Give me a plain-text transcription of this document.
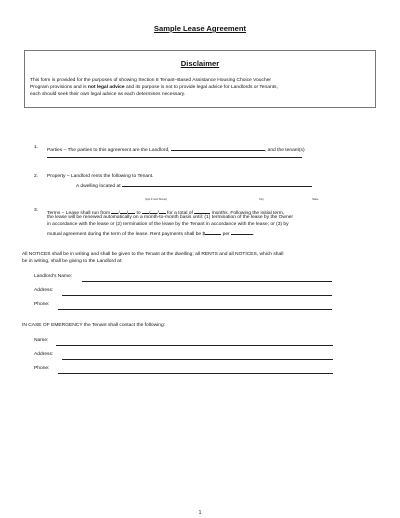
Sample Lease Agreement
Disclaimer
This form is provided for the purposes of showing Section 8 Tenant–Based Assistance Housing Choice Voucher
Program provisions and is not legal advice and its purpose is not to provide legal advice for Landlords or Tenants,
each should seek their own legal advice as each determines necessary.
1.
Parties – The parties to this agreement are the Landlord,	, and the tenant(s)
2. Property – Landlord rents the following to Tenant.
A dwelling located at
(Apt # and Street)	City	State
3.
Terms – Lease shall run from / / to / / for a total of	months. Following the initial term,
the lease will be renewed automatically on a month-to-month basis until: (1) termination of the lease by the Owner
in accordance with the lease or (2) termination of the lease by the Tenant in accordance with the lease; or (3) by
mutual agreement during the term of the lease. Rent payments shall be $	per	.
All NOTICES shall be in writing and shall be given to the Tenant at the dwelling; all RENTS and all NOTICES, which shall
be in writing, shall be giving to the Landlord at:
Landlord's Name:
Address:
Phone:
IN CASE OF EMERGENCY the Tenant shall contact the following:
Name:
Address:
Phone:
1
